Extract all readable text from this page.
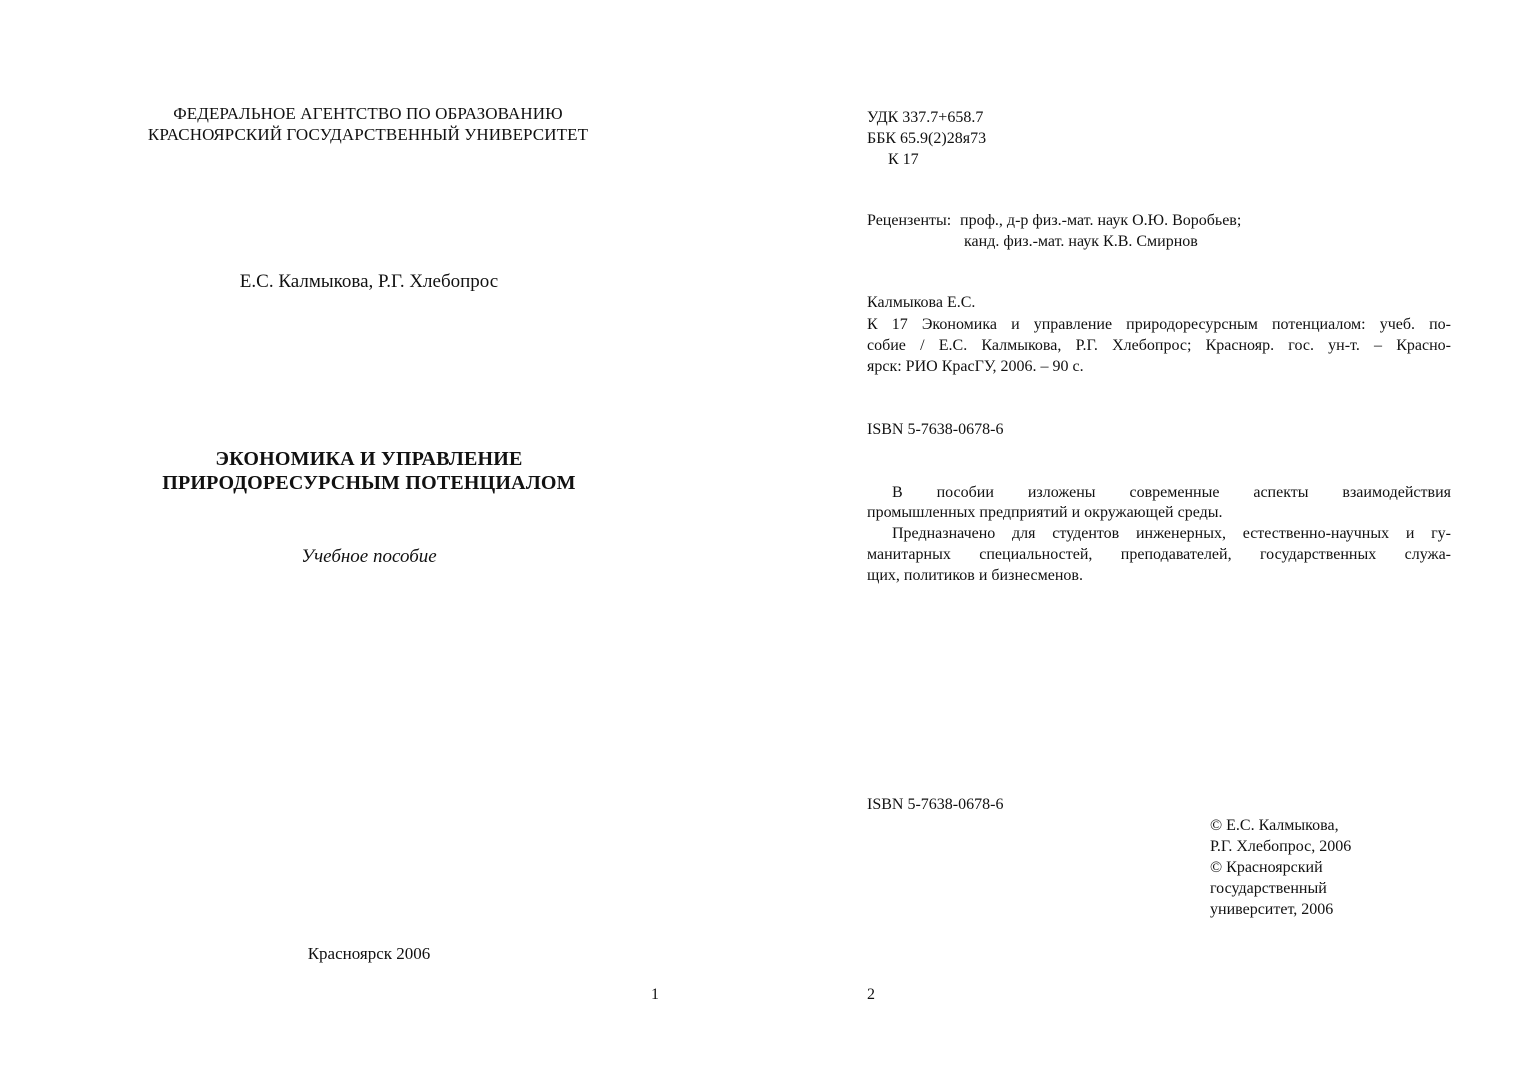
ФЕДЕРАЛЬНОЕ АГЕНТСТВО ПО ОБРАЗОВАНИЮ
КРАСНОЯРСКИЙ ГОСУДАРСТВЕННЫЙ УНИВЕРСИТЕТ
Е.С. Калмыкова, Р.Г. Хлебопрос
ЭКОНОМИКА И УПРАВЛЕНИЕ
ПРИРОДОРЕСУРСНЫМ ПОТЕНЦИАЛОМ
Учебное пособие
Красноярск 2006
1
УДК 337.7+658.7
ББК 65.9(2)28я73
К 17
Рецензенты: проф., д-р физ.-мат. наук О.Ю. Воробьев;
канд. физ.-мат. наук К.В. Смирнов
Калмыкова Е.С.
К 17 Экономика и управление природоресурсным потенциалом: учеб. по-
собие / Е.С. Калмыкова, Р.Г. Хлебопрос; Краснояр. гос. ун-т. – Красно-
ярск: РИО КрасГУ, 2006. – 90 с.
ISBN 5-7638-0678-6
В пособии изложены современные аспекты взаимодействия
промышленных предприятий и окружающей среды.
Предназначено для студентов инженерных, естественно-научных и гу-
манитарных специальностей, преподавателей, государственных служа-
щих, политиков и бизнесменов.
ISBN 5-7638-0678-6
© Е.С. Калмыкова,
Р.Г. Хлебопрос, 2006
© Красноярский
государственный
университет, 2006
2
